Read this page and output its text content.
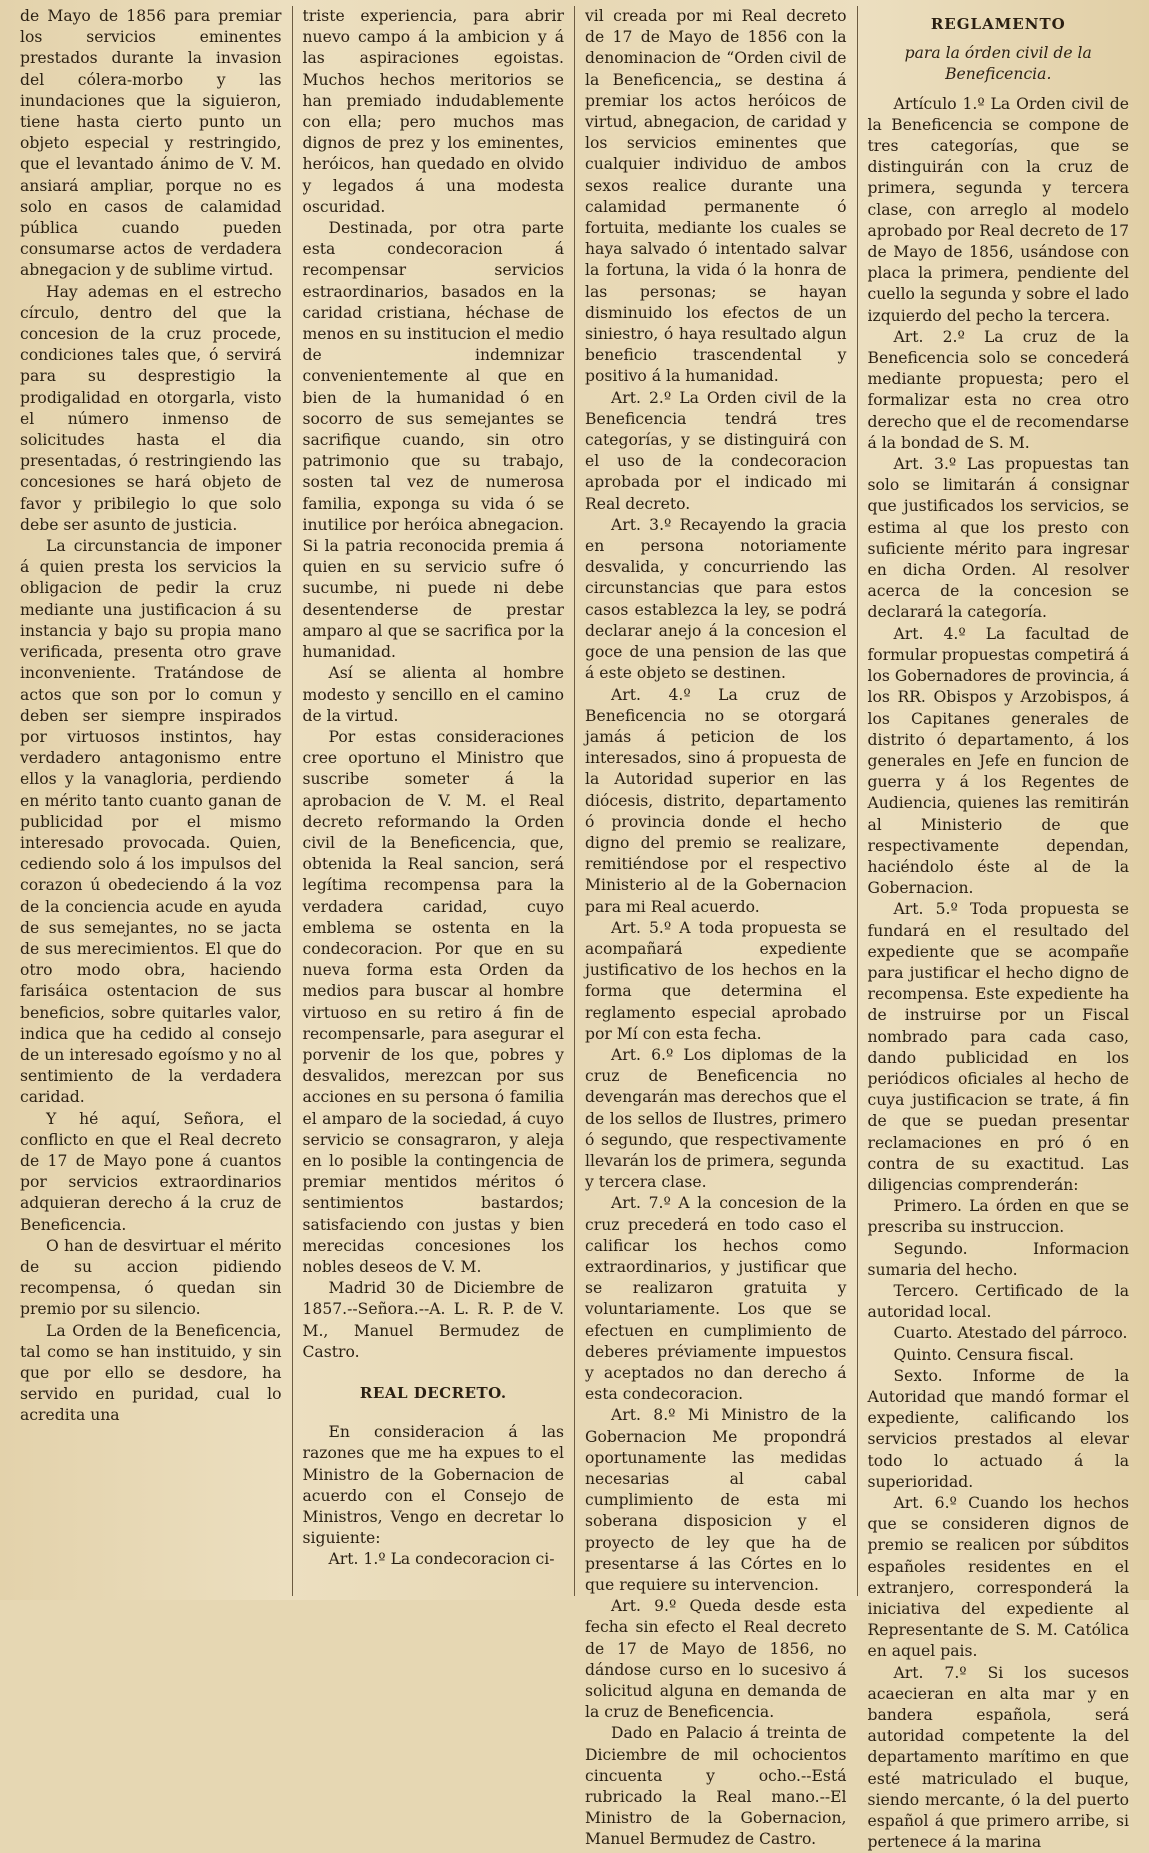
de Mayo de 1856 para premiar los servicios eminentes prestados durante la invasion del cólera-morbo y las inundaciones que la siguieron, tiene hasta cierto punto un objeto especial y restringido, que el levantado ánimo de V. M. ansiará ampliar, porque no es solo en casos de calamidad pública cuando pueden consumarse actos de verdadera abnegacion y de sublime virtud.

Hay ademas en el estrecho círculo, dentro del que la concesion de la cruz procede, condiciones tales que, ó servirá para su desprestigio la prodigalidad en otorgarla, visto el número inmenso de solicitudes hasta el dia presentadas, ó restringiendo las concesiones se hará objeto de favor y pribilegio lo que solo debe ser asunto de justicia.

La circunstancia de imponer á quien presta los servicios la obligacion de pedir la cruz mediante una justificacion á su instancia y bajo su propia mano verificada, presenta otro grave inconveniente. Tratándose de actos que son por lo comun y deben ser siempre inspirados por virtuosos instintos, hay verdadero antagonismo entre ellos y la vanagloria, perdiendo en mérito tanto cuanto ganan de publicidad por el mismo interesado provocada. Quien, cediendo solo á los impulsos del corazon ú obedeciendo á la voz de la conciencia acude en ayuda de sus semejantes, no se jacta de sus merecimientos. El que do otro modo obra, haciendo farisáica ostentacion de sus beneficios, sobre quitarles valor, indica que ha cedido al consejo de un interesado egoísmo y no al sentimiento de la verdadera caridad.

Y hé aquí, Señora, el conflicto en que el Real decreto de 17 de Mayo pone á cuantos por servicios extraordinarios adquieran derecho á la cruz de Beneficencia.

O han de desvirtuar el mérito de su accion pidiendo recompensa, ó quedan sin premio por su silencio.

La Orden de la Beneficencia, tal como se han instituido, y sin que por ello se desdore, ha servido en puridad, cual lo acredita una

triste experiencia, para abrir nuevo campo á la ambicion y á las aspiraciones egoistas. Muchos hechos meritorios se han premiado indudablemente con ella; pero muchos mas dignos de prez y los eminentes, heróicos, han quedado en olvido y legados á una modesta oscuridad.

Destinada, por otra parte esta condecoracion á recompensar servicios estraordinarios, basados en la caridad cristiana, héchase de menos en su institucion el medio de indemnizar convenientemente al que en bien de la humanidad ó en socorro de sus semejantes se sacrifique cuando, sin otro patrimonio que su trabajo, sosten tal vez de numerosa familia, exponga su vida ó se inutilice por heróica abnegacion. Si la patria reconocida premia á quien en su servicio sufre ó sucumbe, ni puede ni debe desentenderse de prestar amparo al que se sacrifica por la humanidad.

Así se alienta al hombre modesto y sencillo en el camino de la virtud.

Por estas consideraciones cree oportuno el Ministro que suscribe someter á la aprobacion de V. M. el Real decreto reformando la Orden civil de la Beneficencia, que, obtenida la Real sancion, será legítima recompensa para la verdadera caridad, cuyo emblema se ostenta en la condecoracion. Por que en su nueva forma esta Orden da medios para buscar al hombre virtuoso en su retiro á fin de recompensarle, para asegurar el porvenir de los que, pobres y desvalidos, merezcan por sus acciones en su persona ó familia el amparo de la sociedad, á cuyo servicio se consagraron, y aleja en lo posible la contingencia de premiar mentidos méritos ó sentimientos bastardos; satisfaciendo con justas y bien merecidas concesiones los nobles deseos de V. M.

Madrid 30 de Diciembre de 1857.--Señora.--A. L. R. P. de V. M., Manuel Bermudez de Castro.

REAL DECRETO.

En consideracion á las razones que me ha expues to el Ministro de la Gobernacion de acuerdo con el Consejo de Ministros, Vengo en decretar lo siguiente:

Art. 1.º La condecoracion ci-

vil creada por mi Real decreto de 17 de Mayo de 1856 con la denominacion de “Orden civil de la Beneficencia„ se destina á premiar los actos heróicos de virtud, abnegacion, de caridad y los servicios eminentes que cualquier individuo de ambos sexos realice durante una calamidad permanente ó fortuita, mediante los cuales se haya salvado ó intentado salvar la fortuna, la vida ó la honra de las personas; se hayan disminuido los efectos de un siniestro, ó haya resultado algun beneficio trascendental y positivo á la humanidad.

Art. 2.º La Orden civil de la Beneficencia tendrá tres categorías, y se distinguirá con el uso de la condecoracion aprobada por el indicado mi Real decreto.

Art. 3.º Recayendo la gracia en persona notoriamente desvalida, y concurriendo las circunstancias que para estos casos establezca la ley, se podrá declarar anejo á la concesion el goce de una pension de las que á este objeto se destinen.

Art. 4.º La cruz de Beneficencia no se otorgará jamás á peticion de los interesados, sino á propuesta de la Autoridad superior en las diócesis, distrito, departamento ó provincia donde el hecho digno del premio se realizare, remitiéndose por el respectivo Ministerio al de la Gobernacion para mi Real acuerdo.

Art. 5.º A toda propuesta se acompañará expediente justificativo de los hechos en la forma que determina el reglamento especial aprobado por Mí con esta fecha.

Art. 6.º Los diplomas de la cruz de Beneficencia no devengarán mas derechos que el de los sellos de Ilustres, primero ó segundo, que respectivamente llevarán los de primera, segunda y tercera clase.

Art. 7.º A la concesion de la cruz precederá en todo caso el calificar los hechos como extraordinarios, y justificar que se realizaron gratuita y voluntariamente. Los que se efectuen en cumplimiento de deberes préviamente impuestos y aceptados no dan derecho á esta condecoracion.

Art. 8.º Mi Ministro de la Gobernacion Me propondrá oportunamente las medidas necesarias al cabal cumplimiento de esta mi soberana disposicion y el proyecto de ley que ha de presentarse á las Córtes en lo que requiere su intervencion.

Art. 9.º Queda desde esta fecha sin efecto el Real decreto de 17 de Mayo de 1856, no dándose curso en lo sucesivo á solicitud alguna en demanda de la cruz de Beneficencia.

Dado en Palacio á treinta de Diciembre de mil ochocientos cincuenta y ocho.--Está rubricado la Real mano.--El Ministro de la Gobernacion, Manuel Bermudez de Castro.

REGLAMENTO
para la órden civil de la Beneficencia.

Artículo 1.º La Orden civil de la Beneficencia se compone de tres categorías, que se distinguirán con la cruz de primera, segunda y tercera clase, con arreglo al modelo aprobado por Real decreto de 17 de Mayo de 1856, usándose con placa la primera, pendiente del cuello la segunda y sobre el lado izquierdo del pecho la tercera.

Art. 2.º La cruz de la Beneficencia solo se concederá mediante propuesta; pero el formalizar esta no crea otro derecho que el de recomendarse á la bondad de S. M.

Art. 3.º Las propuestas tan solo se limitarán á consignar que justificados los servicios, se estima al que los presto con suficiente mérito para ingresar en dicha Orden. Al resolver acerca de la concesion se declarará la categoría.

Art. 4.º La facultad de formular propuestas competirá á los Gobernadores de provincia, á los RR. Obispos y Arzobispos, á los Capitanes generales de distrito ó departamento, á los generales en Jefe en funcion de guerra y á los Regentes de Audiencia, quienes las remitirán al Ministerio de que respectivamente dependan, haciéndolo éste al de la Gobernacion.

Art. 5.º Toda propuesta se fundará en el resultado del expediente que se acompañe para justificar el hecho digno de recompensa. Este expediente ha de instruirse por un Fiscal nombrado para cada caso, dando publicidad en los periódicos oficiales al hecho de cuya justificacion se trate, á fin de que se puedan presentar reclamaciones en pró ó en contra de su exactitud. Las diligencias comprenderán:

Primero. La órden en que se prescriba su instruccion.

Segundo. Informacion sumaria del hecho.

Tercero. Certificado de la autoridad local.

Cuarto. Atestado del párroco.

Quinto. Censura fiscal.

Sexto. Informe de la Autoridad que mandó formar el expediente, calificando los servicios prestados al elevar todo lo actuado á la superioridad.

Art. 6.º Cuando los hechos que se consideren dignos de premio se realicen por súbditos españoles residentes en el extranjero, corresponderá la iniciativa del expediente al Representante de S. M. Católica en aquel pais.

Art. 7.º Si los sucesos acaecieran en alta mar y en bandera española, será autoridad competente la del departamento marítimo en que esté matriculado el buque, siendo mercante, ó la del puerto español á que primero arribe, si pertenece á la marina
